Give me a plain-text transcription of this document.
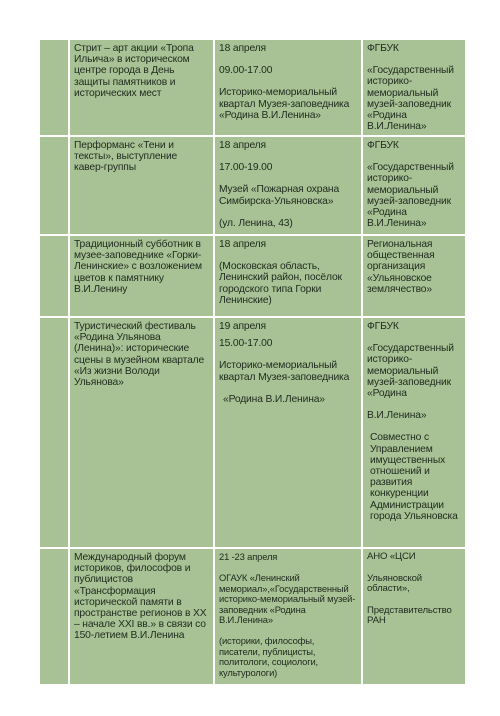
Стрит – арт акции «Тропа Ильича» в историческом центре города в День защиты памятников и исторических мест

18 апреля

09.00-17.00

Историко-мемориальный квартал Музея-заповедника «Родина В.И.Ленина»

ФГБУК

«Государственный историко-мемориальный музей-заповедник «Родина В.И.Ленина»

Перформанс «Тени и тексты», выступление кавер-группы

18 апреля

17.00-19.00

Музей «Пожарная охрана Симбирска-Ульяновска»

(ул. Ленина, 43)

ФГБУК

«Государственный историко-мемориальный музей-заповедник «Родина В.И.Ленина»

Традиционный субботник в музее-заповеднике «Горки-Ленинские» с возложением цветов к памятнику В.И.Ленину

18 апреля

(Московская область, Ленинский район, посёлок городского типа Горки Ленинские)

Региональная общественная организация «Ульяновское землячество»

Туристический фестиваль «Родина Ульянова (Ленина)»: исторические сцены в музейном квартале «Из жизни Володи Ульянова»

19 апреля

15.00-17.00

Историко-мемориальный квартал Музея-заповедника

«Родина В.И.Ленина»

ФГБУК

«Государственный историко-мемориальный музей-заповедник «Родина

В.И.Ленина»

Совместно с Управлением имущественных отношений и развития конкуренции Администрации города Ульяновска

Международный форум историков, философов и публицистов «Трансформация исторической памяти в пространстве регионов в ХХ – начале XXI вв.» в связи со 150-летием В.И.Ленина

21 -23 апреля

ОГАУК «Ленинский мемориал»,«Государственный историко-мемориальный музей-заповедник «Родина В.И.Ленина»

(историки, философы, писатели, публицисты, политологи, социологи, культурологи)

АНО «ЦСИ

Ульяновской области»,

Представительство РАН
